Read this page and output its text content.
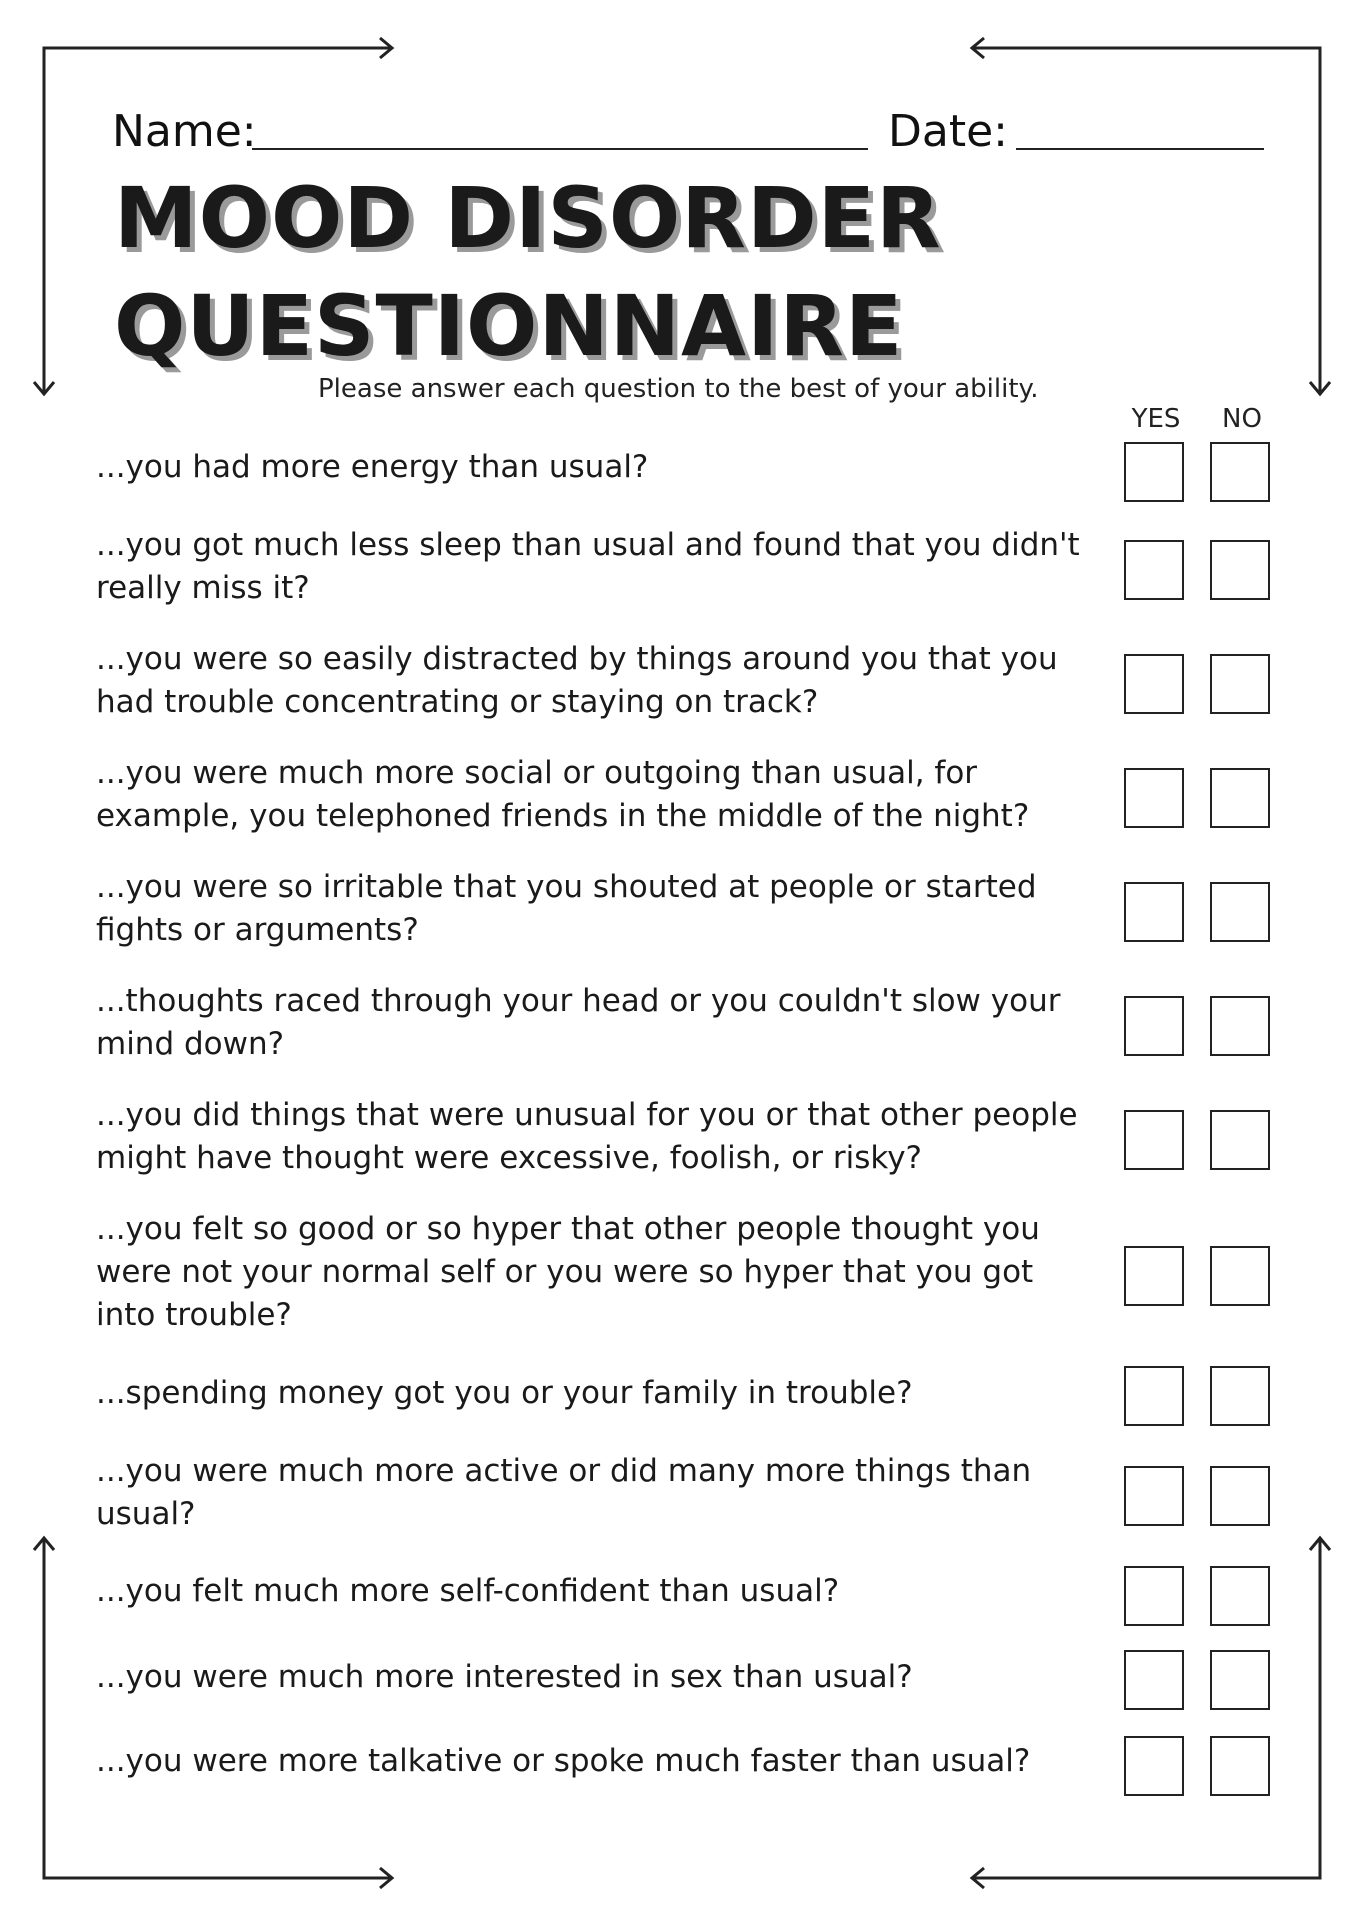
Name:	Date:
MOOD DISORDER
QUESTIONNAIRE
Please answer each question to the best of your ability.
YES	NO
...you had more energy than usual?
...you got much less sleep than usual and found that you didn't really miss it?
...you were so easily distracted by things around you that you had trouble concentrating or staying on track?
...you were much more social or outgoing than usual, for example, you telephoned friends in the middle of the night?
...you were so irritable that you shouted at people or started fights or arguments?
...thoughts raced through your head or you couldn't slow your mind down?
...you did things that were unusual for you or that other people might have thought were excessive, foolish, or risky?
...you felt so good or so hyper that other people thought you were not your normal self or you were so hyper that you got into trouble?
...spending money got you or your family in trouble?
...you were much more active or did many more things than usual?
...you felt much more self-confident than usual?
...you were much more interested in sex than usual?
...you were more talkative or spoke much faster than usual?
